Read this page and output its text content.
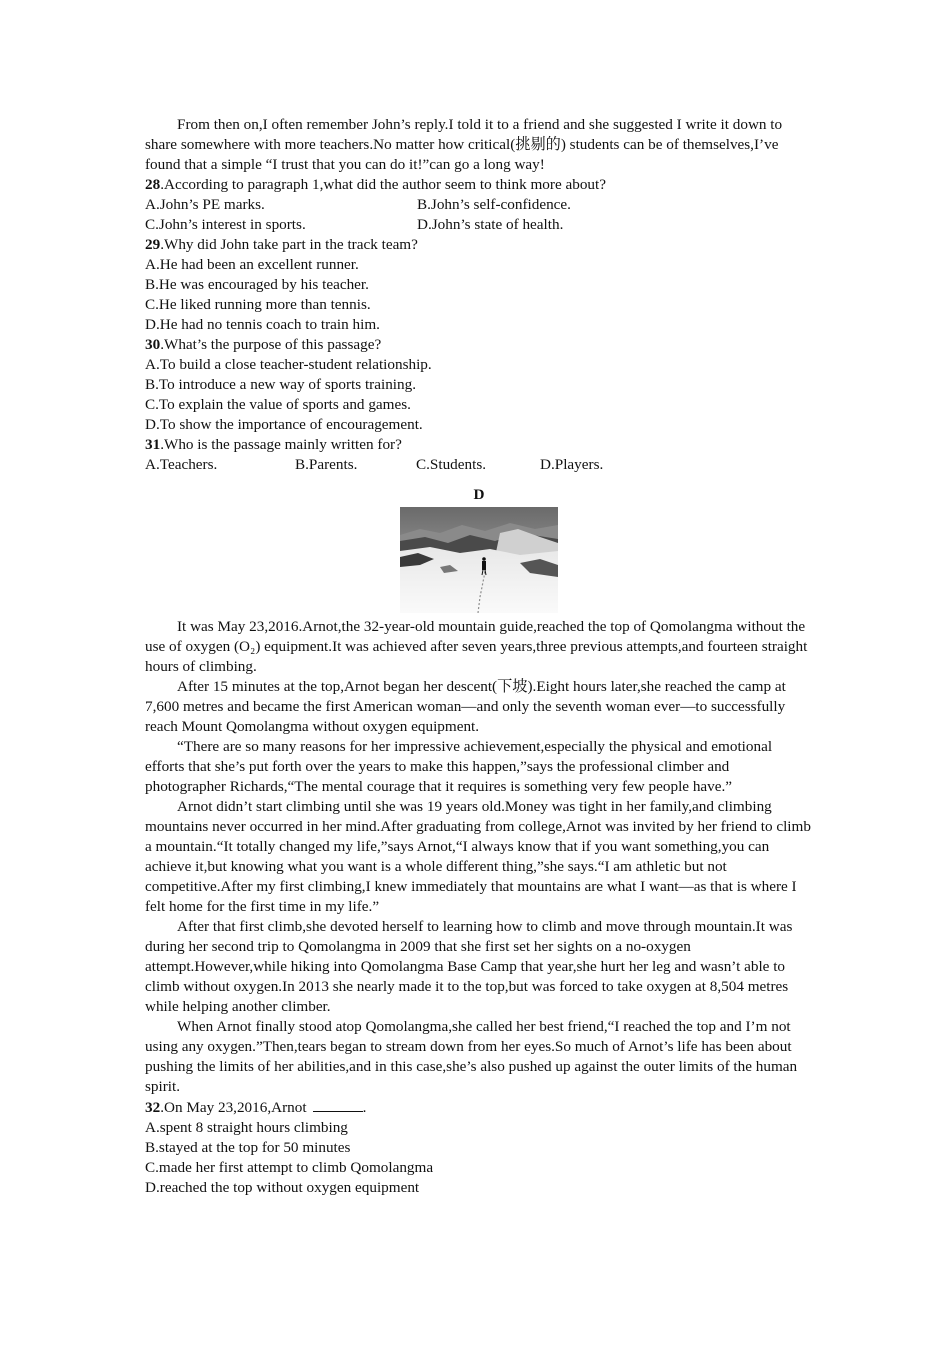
From then on,I often remember John’s reply.I told it to a friend and she suggested I write it down to share somewhere with more teachers.No matter how critical(挑剔的) students can be of themselves,I’ve found that a simple “I trust that you can do it!”can go a long way!

28.According to paragraph 1,what did the author seem to think more about?
A.John’s PE marks.	B.John’s self-confidence.
C.John’s interest in sports.	D.John’s state of health.
29.Why did John take part in the track team?
A.He had been an excellent runner.
B.He was encouraged by his teacher.
C.He liked running more than tennis.
D.He had no tennis coach to train him.
30.What’s the purpose of this passage?
A.To build a close teacher-student relationship.
B.To introduce a new way of sports training.
C.To explain the value of sports and games.
D.To show the importance of encouragement.
31.Who is the passage mainly written for?
A.Teachers.	B.Parents.	C.Students.	D.Players.
D

It was May 23,2016.Arnot,the 32-year-old mountain guide,reached the top of Qomolangma without the use of oxygen (O₂) equipment.It was achieved after seven years,three previous attempts,and fourteen straight hours of climbing.

After 15 minutes at the top,Arnot began her descent(下坡).Eight hours later,she reached the camp at 7,600 metres and became the first American woman—and only the seventh woman ever—to successfully reach Mount Qomolangma without oxygen equipment.

“There are so many reasons for her impressive achievement,especially the physical and emotional efforts that she’s put forth over the years to make this happen,”says the professional climber and photographer Richards,“The mental courage that it requires is something very few people have.”

Arnot didn’t start climbing until she was 19 years old.Money was tight in her family,and climbing mountains never occurred in her mind.After graduating from college,Arnot was invited by her friend to climb a mountain.“It totally changed my life,”says Arnot,“I always know that if you want something,you can achieve it,but knowing what you want is a whole different thing,”she says.“I am athletic but not competitive.After my first climbing,I knew immediately that mountains are what I want—as that is where I felt home for the first time in my life.”

After that first climb,she devoted herself to learning how to climb and move through mountain.It was during her second trip to Qomolangma in 2009 that she first set her sights on a no-oxygen attempt.However,while hiking into Qomolangma Base Camp that year,she hurt her leg and wasn’t able to climb without oxygen.In 2013 she nearly made it to the top,but was forced to take oxygen at 8,504 metres while helping another climber.

When Arnot finally stood atop Qomolangma,she called her best friend,“I reached the top and I’m not using any oxygen.”Then,tears began to stream down from her eyes.So much of Arnot’s life has been about pushing the limits of her abilities,and in this case,she’s also pushed up against the outer limits of the human spirit.

32.On May 23,2016,Arnot	.
A.spent 8 straight hours climbing
B.stayed at the top for 50 minutes
C.made her first attempt to climb Qomolangma
D.reached the top without oxygen equipment
